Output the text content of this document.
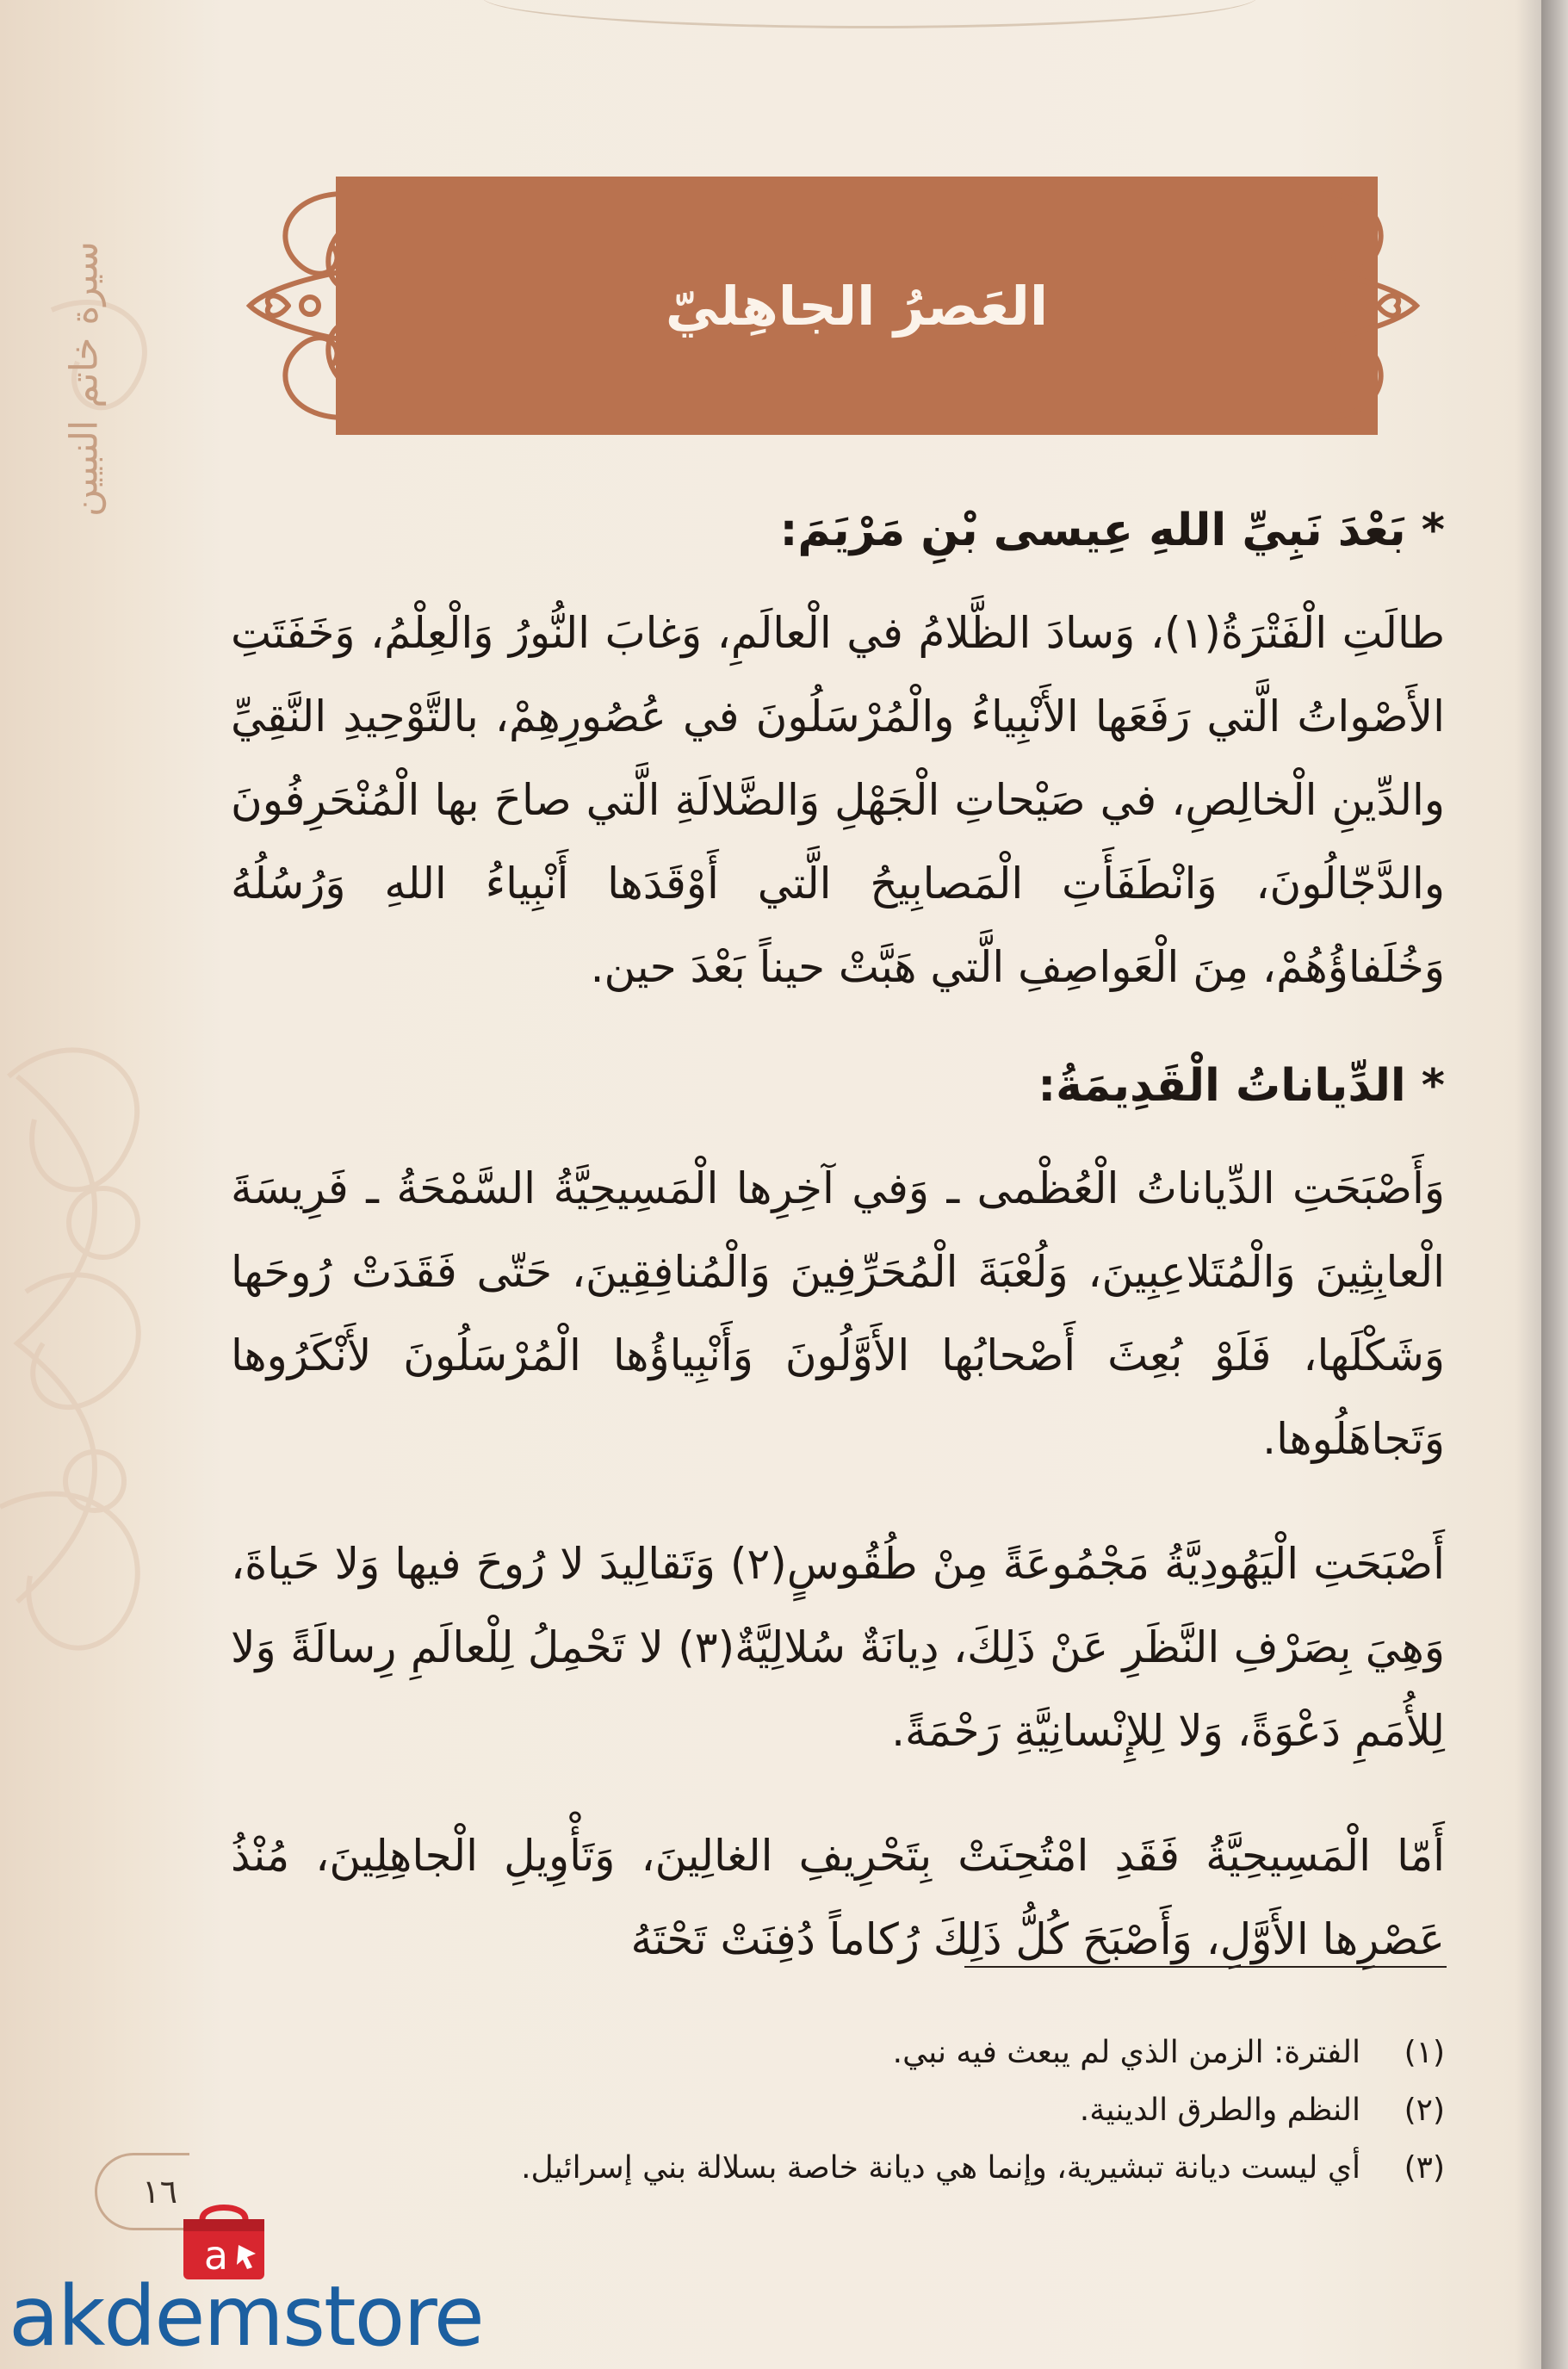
سيرة خاتم النبيين	العَصرُ الجاهِليّ
* بَعْدَ نَبِيِّ اللهِ عِيسى بْنِ مَرْيَمَ:

طالَتِ الْفَتْرَةُ(١)، وَسادَ الظَّلامُ في الْعالَمِ، وَغابَ النُّورُ وَالْعِلْمُ، وَخَفَتَتِ الأَصْواتُ الَّتي رَفَعَها الأَنْبِياءُ والْمُرْسَلُونَ في عُصُورِهِمْ، بالتَّوْحِيدِ النَّقِيِّ والدِّينِ الْخالِصِ، في صَيْحاتِ الْجَهْلِ وَالضَّلالَةِ الَّتي صاحَ بها الْمُنْحَرِفُونَ والدَّجّالُونَ، وَانْطَفَأَتِ الْمَصابِيحُ الَّتي أَوْقَدَها أَنْبِياءُ اللهِ وَرُسُلُهُ وَخُلَفاؤُهُمْ، مِنَ الْعَواصِفِ الَّتي هَبَّتْ حيناً بَعْدَ حين.

* الدِّياناتُ الْقَدِيمَةُ:

وَأَصْبَحَتِ الدِّياناتُ الْعُظْمى ـ وَفي آخِرِها الْمَسِيحِيَّةُ السَّمْحَةُ ـ فَرِيسَةَ الْعابِثِينَ وَالْمُتَلاعِبِينَ، وَلُعْبَةَ الْمُحَرِّفِينَ وَالْمُنافِقِينَ، حَتّى فَقَدَتْ رُوحَها وَشَكْلَها، فَلَوْ بُعِثَ أَصْحابُها الأَوَّلُونَ وَأَنْبِياؤُها الْمُرْسَلُونَ لأَنْكَرُوها وَتَجاهَلُوها.

أَصْبَحَتِ الْيَهُودِيَّةُ مَجْمُوعَةً مِنْ طُقُوسٍ(٢) وَتَقالِيدَ لا رُوحَ فيها وَلا حَياةَ، وَهِيَ بِصَرْفِ النَّظَرِ عَنْ ذَلِكَ، دِيانَةٌ سُلالِيَّةٌ(٣) لا تَحْمِلُ لِلْعالَمِ رِسالَةً وَلا لِلأُمَمِ دَعْوَةً، وَلا لِلإِنْسانِيَّةِ رَحْمَةً.

أَمّا الْمَسِيحِيَّةُ فَقَدِ امْتُحِنَتْ بِتَحْرِيفِ الغالِينَ، وَتَأْوِيلِ الْجاهِلِينَ، مُنْذُ عَصْرِها الأَوَّلِ، وَأَصْبَحَ كُلُّ ذَلِكَ رُكاماً دُفِنَتْ تَحْتَهُ

(١)
الفترة: الزمن الذي لم يبعث فيه نبي.
(٢)
النظم والطرق الدينية.
(٣)
أي ليست ديانة تبشيرية، وإنما هي ديانة خاصة بسلالة بني إسرائيل.
١٦
a
akdemstore
